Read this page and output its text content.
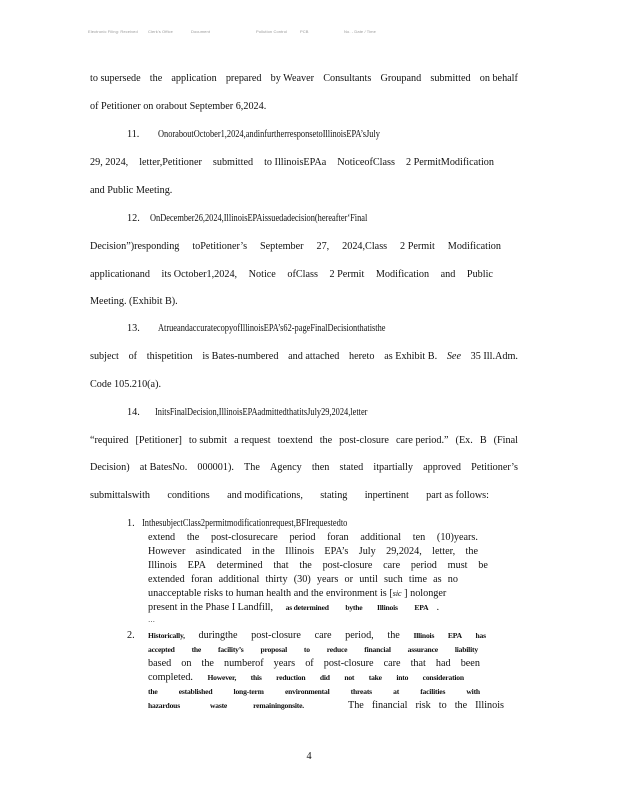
Electronic Filing: Received	Clerk's Office	Document	Pollution Control	PCB	No. - Date / Time
to supersede the application prepared by Weaver Consultants Groupand submitted on behalf
of Petitioner on orabout September 6,2024.
11. OnoraboutOctober1,2024,andinfurtherresponsetoIllinoisEPA’sJuly
29, 2024, letter,Petitioner submitted to IllinoisEPAa NoticeofClass 2 PermitModification
and Public Meeting.
12. OnDecember26,2024,IllinoisEPAissuedadecision(hereafter‘Final
Decision”)responding toPetitioner’s September 27, 2024,Class 2 Permit Modification
applicationand its October1,2024, Notice ofClass 2 Permit Modification and Public
Meeting. (Exhibit B).
13. AtrueandaccuratecopyofIllinoisEPA’s62-pageFinalDecisionthatisthe
subject of thispetition is Bates-numbered and attached hereto as Exhibit B. See 35 Ill.Adm.
Code 105.210(a).
14. InitsFinalDecision,IllinoisEPAadmittedthatitsJuly29,2024,letter
“required [Petitioner] to submit a request toextend the post-closure care period.” (Ex. B (Final
Decision) at BatesNo. 000001). The Agency then stated itpartially approved Petitioner’s
submittalswith conditions and modifications, stating inpertinent part as follows:
1. InthesubjectClass2permitmodificationrequest,BFIrequestedto
extend the post-closurecare period foran additional ten (10)years.
However asindicated in the Illinois EPA’s July 29,2024, letter, the
Illinois EPA determined that the post-closure care period must be
extended foran additional thirty (30) years or until such time as no
unacceptable risks to human health and the environment is [sic ] nolonger
present in the Phase I Landfill, as determined bythe Illinois EPA .
…
2. Historically, duringthe post-closure care period, the Illinois EPA has
accepted the facility’s proposal to reduce financial assurance liability
based on the numberof years of post-closure care that had been
completed. However, this reduction did not take into consideration
the	established	long-term	environmental	threats	at	facilities	with
hazardous	waste	remainingonsite.	The financial risk to the Illinois
4
